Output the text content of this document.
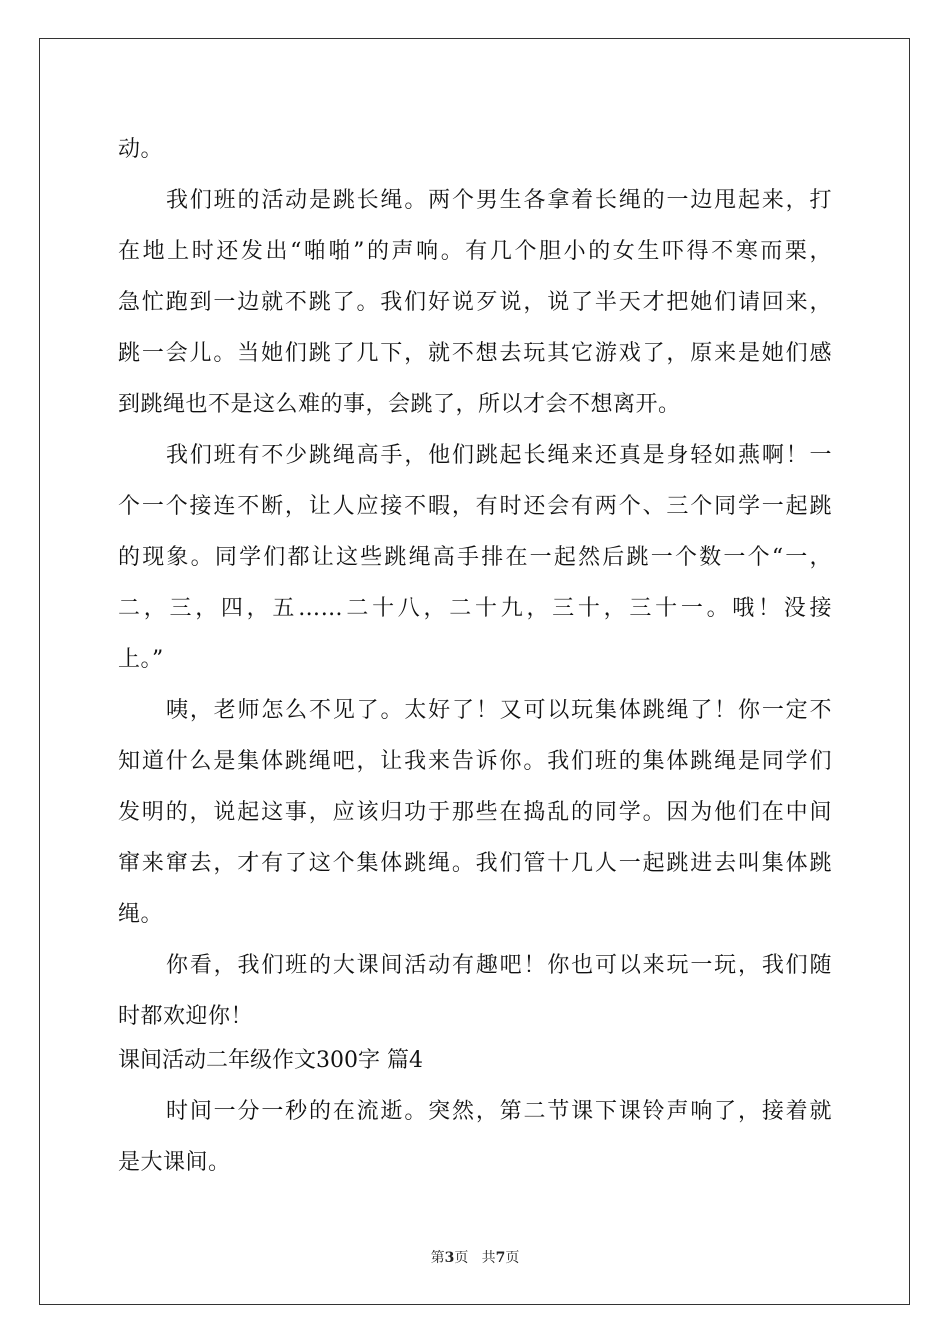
动。
我们班的活动是跳长绳。两个男生各拿着长绳的一边甩起来，打
在地上时还发出“啪啪”的声响。有几个胆小的女生吓得不寒而栗，
急忙跑到一边就不跳了。我们好说歹说，说了半天才把她们请回来，
跳一会儿。当她们跳了几下，就不想去玩其它游戏了，原来是她们感
到跳绳也不是这么难的事，会跳了，所以才会不想离开。
我们班有不少跳绳高手，他们跳起长绳来还真是身轻如燕啊！一
个一个接连不断，让人应接不暇，有时还会有两个、三个同学一起跳
的现象。同学们都让这些跳绳高手排在一起然后跳一个数一个“一，
二，三，四，五……二十八，二十九，三十，三十一。哦！没接
上。”
咦，老师怎么不见了。太好了！又可以玩集体跳绳了！你一定不
知道什么是集体跳绳吧，让我来告诉你。我们班的集体跳绳是同学们
发明的，说起这事，应该归功于那些在捣乱的同学。因为他们在中间
窜来窜去，才有了这个集体跳绳。我们管十几人一起跳进去叫集体跳
绳。
你看，我们班的大课间活动有趣吧！你也可以来玩一玩，我们随
时都欢迎你！
课间活动二年级作文300字 篇4
时间一分一秒的在流逝。突然，第二节课下课铃声响了，接着就
是大课间。
第3页 共7页
